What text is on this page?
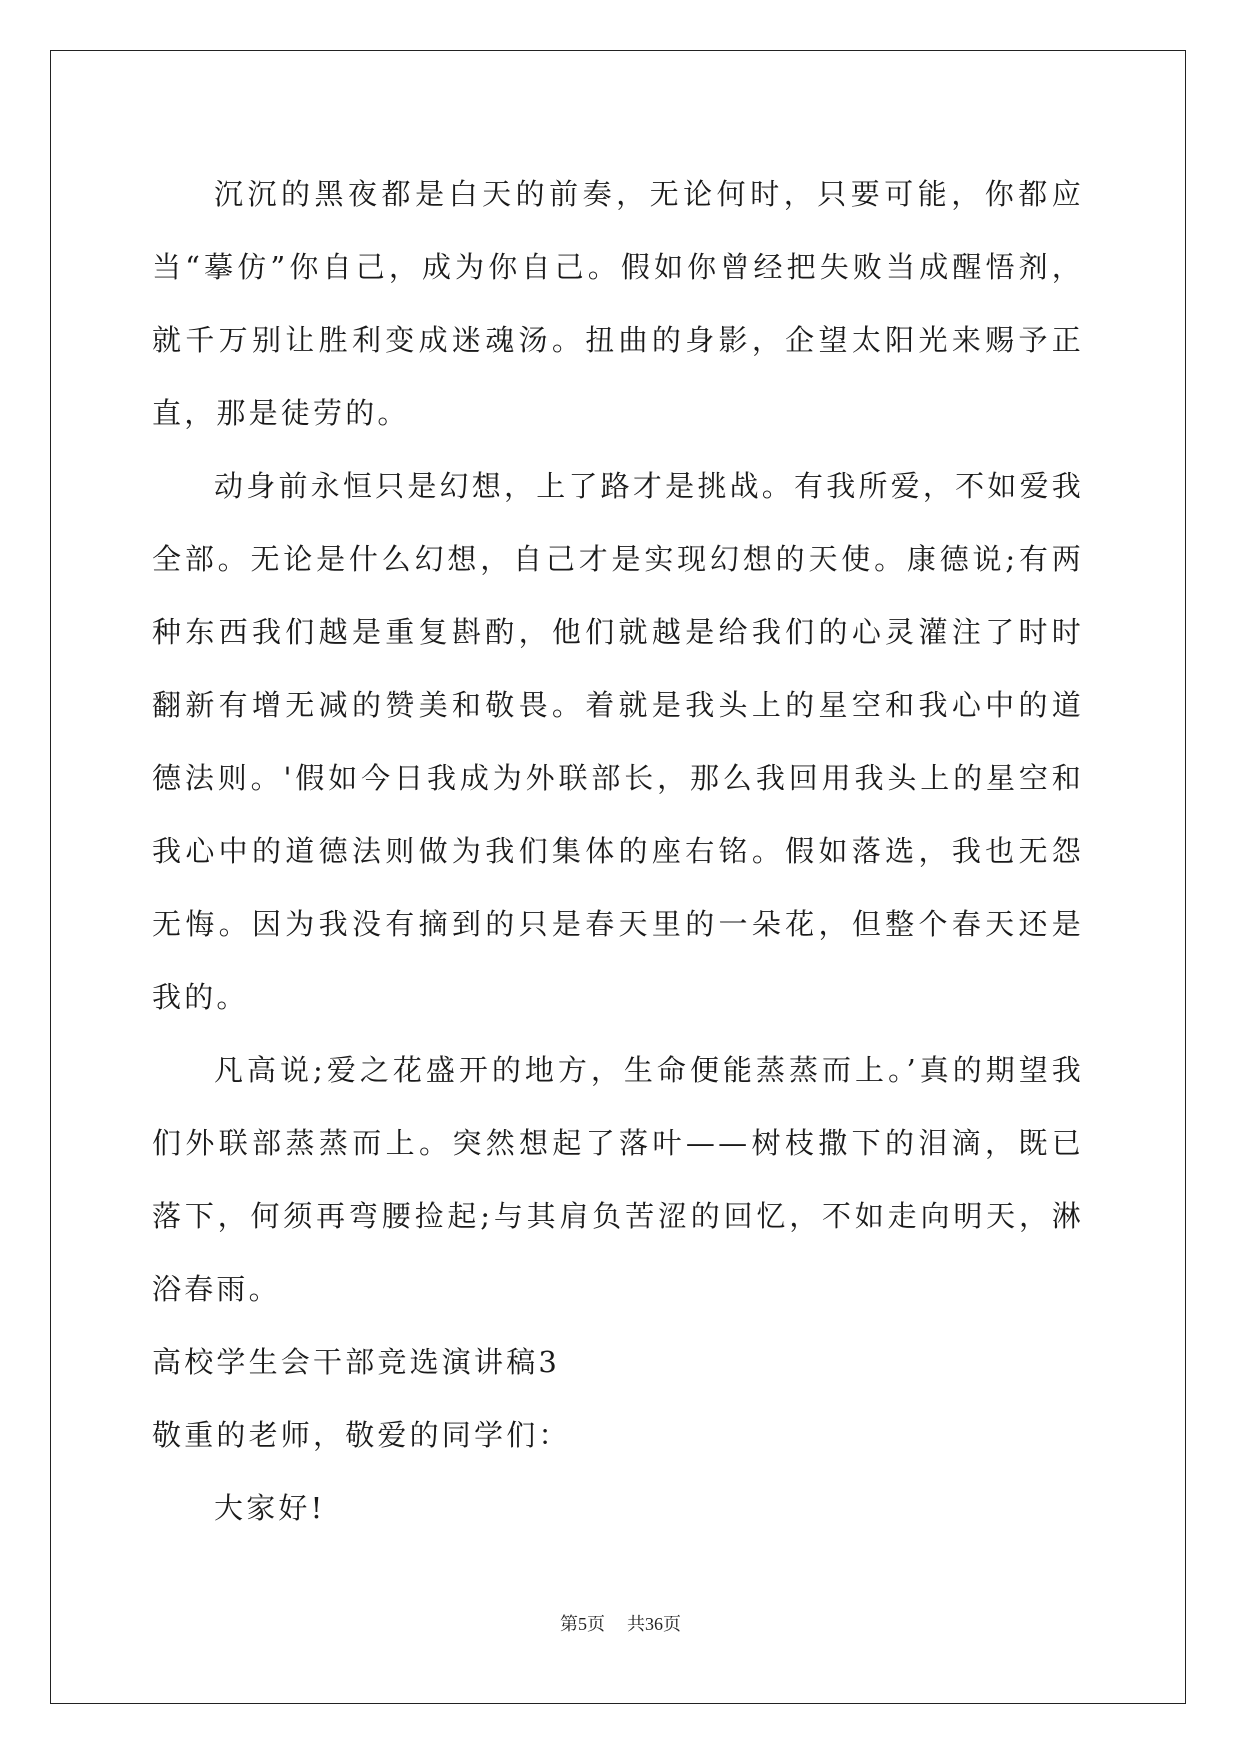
沉沉的黑夜都是白天的前奏，无论何时，只要可能，你都应当“摹仿”你自己，成为你自己。假如你曾经把失败当成醒悟剂，就千万别让胜利变成迷魂汤。扭曲的身影，企望太阳光来赐予正直，那是徒劳的。

动身前永恒只是幻想，上了路才是挑战。有我所爱，不如爱我全部。无论是什么幻想，自己才是实现幻想的天使。康德说;有两种东西我们越是重复斟酌，他们就越是给我们的心灵灌注了时时翻新有增无减的赞美和敬畏。着就是我头上的星空和我心中的道德法则。'假如今日我成为外联部长，那么我回用我头上的星空和我心中的道德法则做为我们集体的座右铭。假如落选，我也无怨无悔。因为我没有摘到的只是春天里的一朵花，但整个春天还是我的。

凡高说;爱之花盛开的地方，生命便能蒸蒸而上。’真的期望我们外联部蒸蒸而上。突然想起了落叶——树枝撒下的泪滴，既已落下，何须再弯腰捡起;与其肩负苦涩的回忆，不如走向明天，淋浴春雨。

高校学生会干部竞选演讲稿3

敬重的老师，敬爱的同学们：

大家好!

第5页 共36页
